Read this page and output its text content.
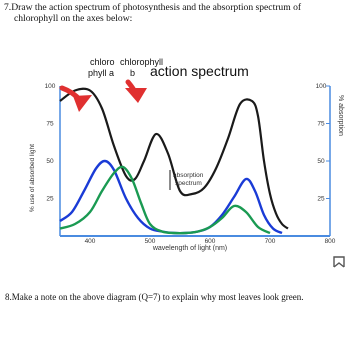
7.Draw the action spectrum of photosynthesis and the absorption spectrum of
chlorophyll on the axes below:
400	500	600	700	800
100
75
50
25
100
75
50
25
% use of absorbed light
% absorption
wavelength of light (nm)
chloro
phyll a
chlorophyll
b action spectrum
absorption
spectrum
8.Make a note on the above diagram (Q=7) to explain why most leaves look green.
